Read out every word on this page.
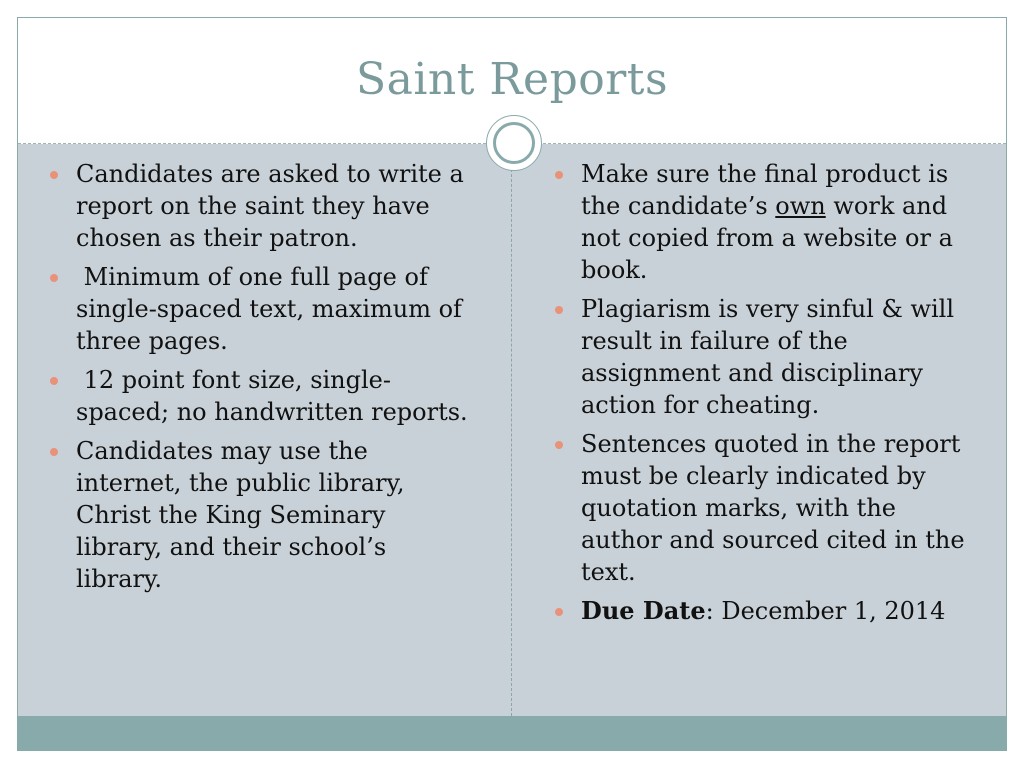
Saint Reports
Candidates are asked to write a report on the saint they have chosen as their patron.
Minimum of one full page of single-spaced text, maximum of three pages.
12 point font size, single-spaced; no handwritten reports.
Candidates may use the internet, the public library, Christ the King Seminary library, and their school’s library.
Make sure the final product is the candidate’s own work and not copied from a website or a book.
Plagiarism is very sinful & will result in failure of the assignment and disciplinary action for cheating.
Sentences quoted in the report must be clearly indicated by quotation marks, with the author and sourced cited in the text.
Due Date: December 1, 2014
